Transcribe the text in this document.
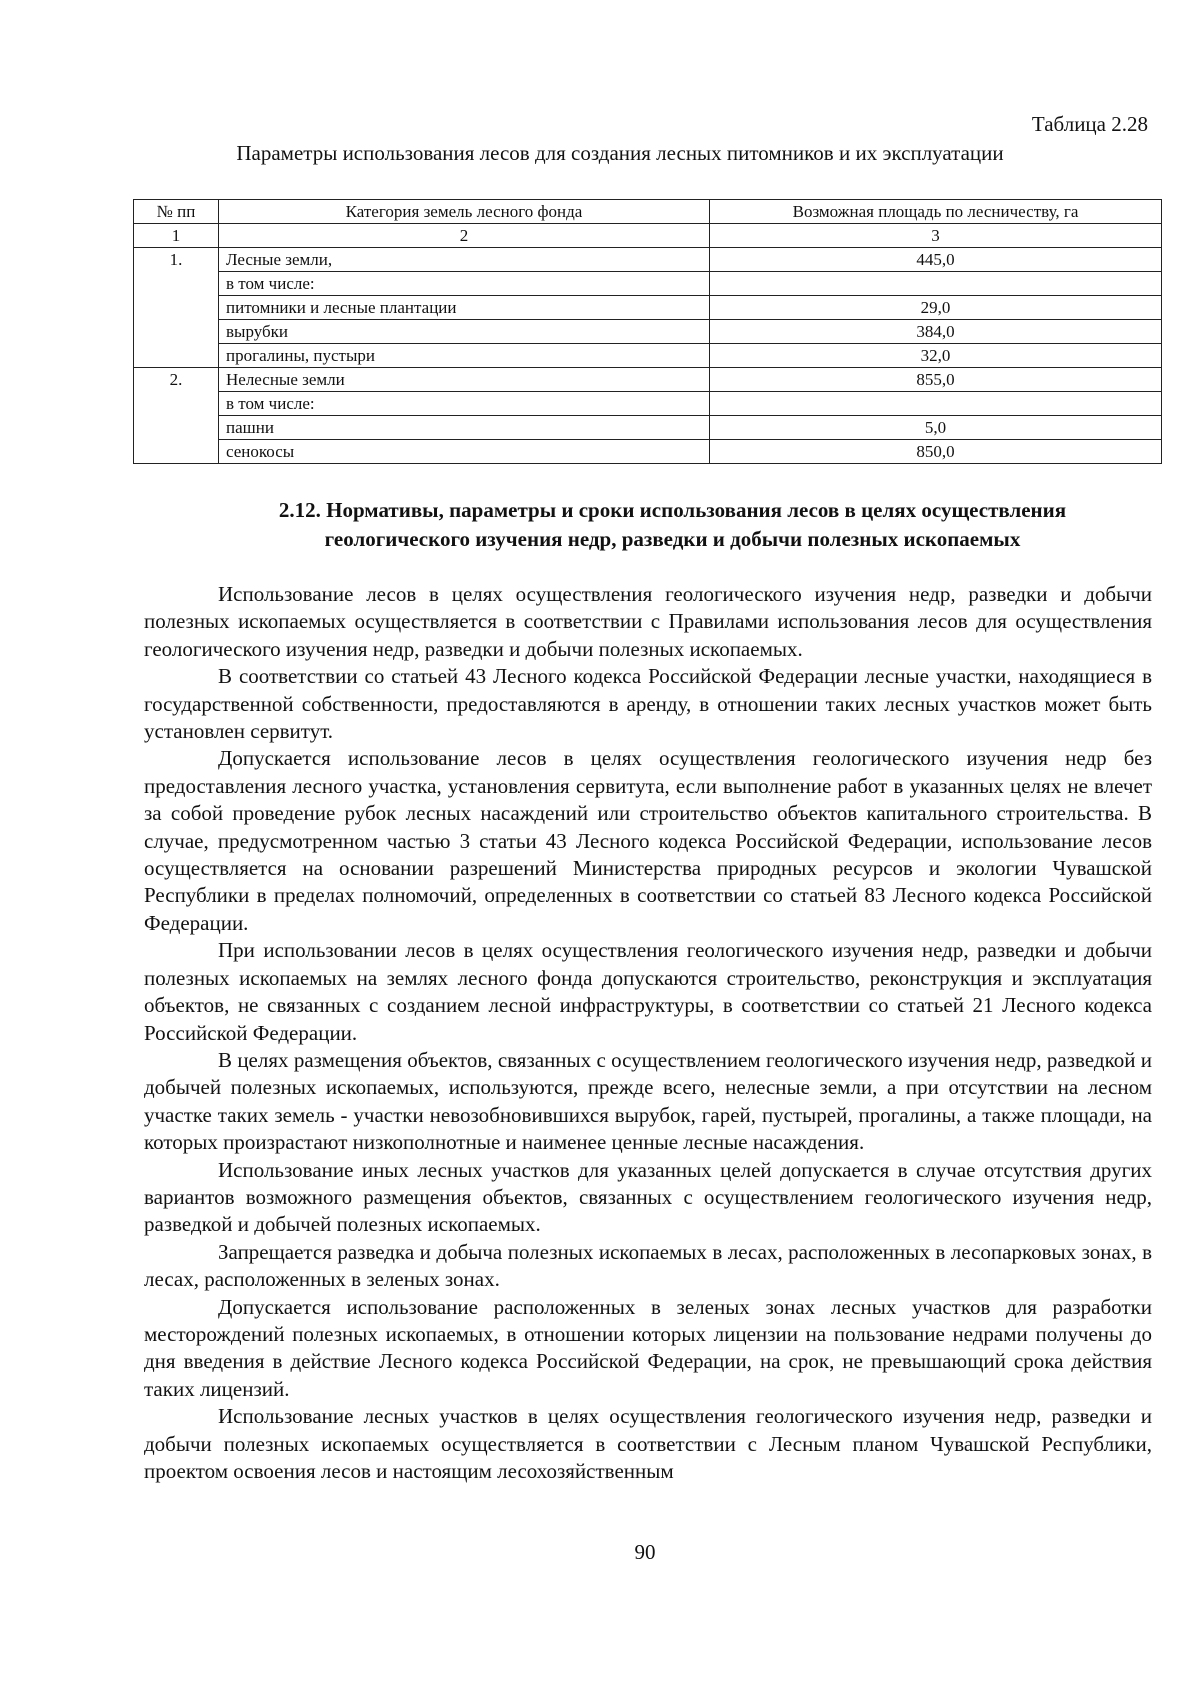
Таблица 2.28
Параметры использования лесов для создания лесных питомников и их эксплуатации
№ пп	Категория земель лесного фонда	Возможная площадь по лесничеству, га
1	2	3
1.	Лесные земли,	445,0
	в том числе:	
	питомники и лесные плантации	29,0
	вырубки	384,0
	прогалины, пустыри	32,0
2.	Нелесные земли	855,0
	в том числе:	
	пашни	5,0
	сенокосы	850,0
2.12. Нормативы, параметры и сроки использования лесов в целях осуществления
геологического изучения недр, разведки и добычи полезных ископаемых

Использование лесов в целях осуществления геологического изучения недр, разведки и добычи полезных ископаемых осуществляется в соответствии с Правилами использования лесов для осуществления геологического изучения недр, разведки и добычи полезных ископаемых.

В соответствии со статьей 43 Лесного кодекса Российской Федерации лесные участки, находящиеся в государственной собственности, предоставляются в аренду, в отношении таких лесных участков может быть установлен сервитут.

Допускается использование лесов в целях осуществления геологического изучения недр без предоставления лесного участка, установления сервитута, если выполнение работ в указанных целях не влечет за собой проведение рубок лесных насаждений или строительство объектов капитального строительства. В случае, предусмотренном частью 3 статьи 43 Лесного кодекса Российской Федерации, использование лесов осуществляется на основании разрешений Министерства природных ресурсов и экологии Чувашской Республики в пределах полномочий, определенных в соответствии со статьей 83 Лесного кодекса Российской Федерации.

При использовании лесов в целях осуществления геологического изучения недр, разведки и добычи полезных ископаемых на землях лесного фонда допускаются строительство, реконструкция и эксплуатация объектов, не связанных с созданием лесной инфраструктуры, в соответствии со статьей 21 Лесного кодекса Российской Федерации.

В целях размещения объектов, связанных с осуществлением геологического изучения недр, разведкой и добычей полезных ископаемых, используются, прежде всего, нелесные земли, а при отсутствии на лесном участке таких земель - участки невозобновившихся вырубок, гарей, пустырей, прогалины, а также площади, на которых произрастают низкополнотные и наименее ценные лесные насаждения.

Использование иных лесных участков для указанных целей допускается в случае отсутствия других вариантов возможного размещения объектов, связанных с осуществлением геологического изучения недр, разведкой и добычей полезных ископаемых.

Запрещается разведка и добыча полезных ископаемых в лесах, расположенных в лесопарковых зонах, в лесах, расположенных в зеленых зонах.

Допускается использование расположенных в зеленых зонах лесных участков для разработки месторождений полезных ископаемых, в отношении которых лицензии на пользование недрами получены до дня введения в действие Лесного кодекса Российской Федерации, на срок, не превышающий срока действия таких лицензий.

Использование лесных участков в целях осуществления геологического изучения недр, разведки и добычи полезных ископаемых осуществляется в соответствии с Лесным планом Чувашской Республики, проектом освоения лесов и настоящим лесохозяйственным

90
